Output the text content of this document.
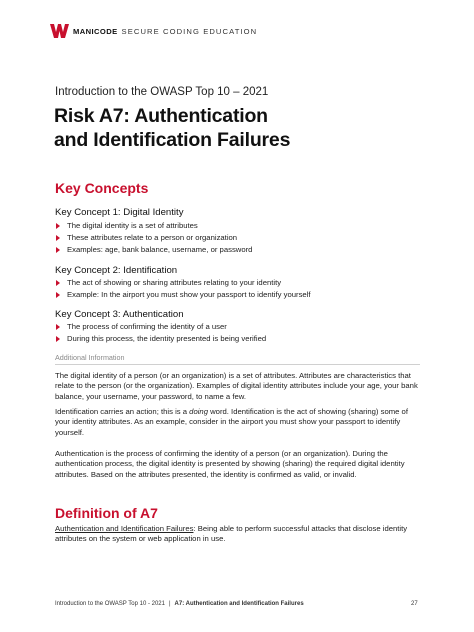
MANICODE SECURE CODING EDUCATION
Introduction to the OWASP Top 10 – 2021
Risk A7: Authentication
and Identification Failures
Key Concepts
Key Concept 1: Digital Identity
The digital identity is a set of attributes
These attributes relate to a person or organization
Examples: age, bank balance, username, or password
Key Concept 2: Identification
The act of showing or sharing attributes relating to your identity
Example: In the airport you must show your passport to identify yourself
Key Concept 3: Authentication
The process of confirming the identity of a user
During this process, the identity presented is being verified
Additional Information

The digital identity of a person (or an organization) is a set of attributes. Attributes are characteristics that relate to the person (or the organization). Examples of digital identity attributes include your age, your bank balance, your username, your password, to name a few.

Identification carries an action; this is a doing word. Identification is the act of showing (sharing) some of your identity attributes. As an example, consider in the airport you must show your passport to identify yourself.

Authentication is the process of confirming the identity of a person (or an organization). During the authentication process, the digital identity is presented by showing (sharing) the required digital identity attributes. Based on the attributes presented, the identity is confirmed as valid, or invalid.

Definition of A7

Authentication and Identification Failures: Being able to perform successful attacks that disclose identity attributes on the system or web application in use.

Introduction to the OWASP Top 10 - 2021 | A7: Authentication and Identification Failures	27
